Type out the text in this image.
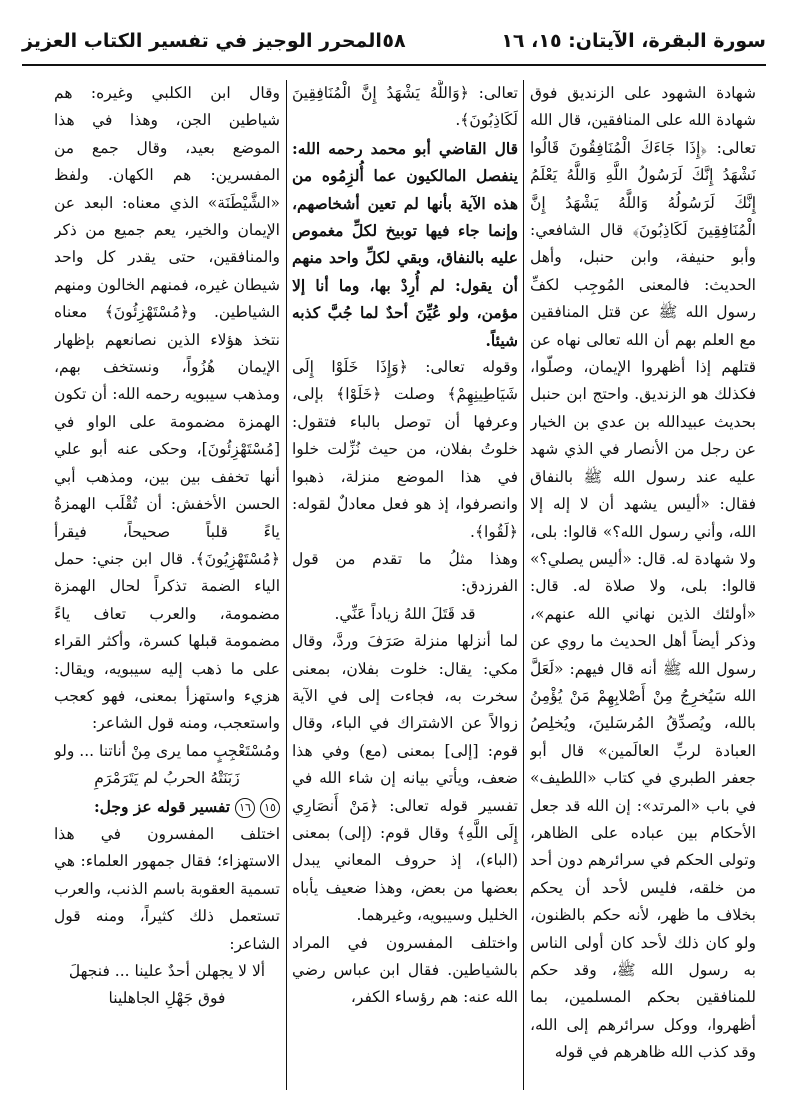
سورة البقرة، الآيتان: ١٥، ١٦
٥٨
المحرر الوجيز في تفسير الكتاب العزيز

شهادة الشهود على الزنديق فوق شهادة الله على المنافقين، قال الله تعالى: ﴿إِذَا جَاءَكَ الْمُنَافِقُونَ قَالُوا نَشْهَدُ إِنَّكَ لَرَسُولُ اللَّهِ وَاللَّهُ يَعْلَمُ إِنَّكَ لَرَسُولُهُ وَاللَّهُ يَشْهَدُ إِنَّ الْمُنَافِقِينَ لَكَاذِبُونَ﴾ قال الشافعي: وأبو حنيفة، وابن حنبل، وأهل الحديث: فالمعنى المُوجِب لكفِّ رسول الله ﷺ عن قتل المنافقين مع العلم بهم أن الله تعالى نهاه عن قتلهم إذا أظهروا الإيمان، وصلّوا، فكذلك هو الزنديق. واحتج ابن حنبل بحديث عبيدالله بن عدي بن الخيار عن رجل من الأنصار في الذي شهد عليه عند رسول الله ﷺ بالنفاق فقال: «أليس يشهد أن لا إله إلا الله، وأني رسول الله؟» قالوا: بلى، ولا شهادة له. قال: «أليس يصلي؟» قالوا: بلى، ولا صلاة له. قال: «أولئك الذين نهاني الله عنهم»، وذكر أيضاً أهل الحديث ما روي عن رسول الله ﷺ أنه قال فيهم: «لَعَلَّ الله سَيُخرِجُ مِنْ أَصْلابِهِمْ مَنْ يُؤْمِنُ بالله، ويُصدِّقُ المُرسَلينَ، ويُخلِصُ العبادة لربِّ العالَمين» قال أبو جعفر الطبري في كتاب «اللطيف» في باب «المرتد»: إن الله قد جعل الأحكام بين عباده على الظاهر، وتولى الحكم في سرائرهم دون أحد من خلقه، فليس لأحد أن يحكم بخلاف ما ظهر، لأنه حكم بالظنون، ولو كان ذلك لأحد كان أولى الناس به رسول الله ﷺ، وقد حكم للمنافقين بحكم المسلمين، بما أظهروا، ووكل سرائرهم إلى الله، وقد كذب الله ظاهرهم في قوله

تعالى: ﴿وَاللَّهُ يَشْهَدُ إِنَّ الْمُنَافِقِينَ لَكَاذِبُونَ﴾.

قال القاضي أبو محمد رحمه الله: ينفصل المالكيون عما أُلزِمُوه من هذه الآية بأنها لم تعين أشخاصهم، وإنما جاء فيها توبيخ لكلِّ مغموص عليه بالنفاق، وبقي لكلِّ واحد منهم أن يقول: لم أُرِدْ بها، وما أنا إلا مؤمن، ولو عُيِّنَ أحدٌ لما جُبَّ كذبه شيئاً.

وقوله تعالى: ﴿وَإِذَا خَلَوْا إِلَى شَيَاطِينِهِمْ﴾ وصلت ﴿خَلَوْا﴾ بإلى، وعرفها أن توصل بالباء فتقول: خلوتُ بفلان، من حيث نُزِّلت خلوا في هذا الموضع منزلة، ذهبوا وانصرفوا، إذ هو فعل معادلٌ لقوله: ﴿لَقُوا﴾.

وهذا مثلُ ما تقدم من قول الفرزدق:

قد قَتَلَ اللهُ زياداً عَنِّي.

لما أنزلها منزلة صَرَفَ وردَّ، وقال مكي: يقال: خلوت بفلان، بمعنى سخرت به، فجاءت إلى في الآية زوالاً عن الاشتراك في الباء، وقال قوم: [إلى] بمعنى (مع) وفي هذا ضعف، ويأتي بيانه إن شاء الله في تفسير قوله تعالى: ﴿مَنْ أَنصَارِي إِلَى اللَّهِ﴾ وقال قوم: (إلى) بمعنى (الباء)، إذ حروف المعاني يبدل بعضها من بعض، وهذا ضعيف يأباه الخليل وسيبويه، وغيرهما.

واختلف المفسرون في المراد بالشياطين. فقال ابن عباس رضي الله عنه: هم رؤساء الكفر،

وقال ابن الكلبي وغيره: هم شياطين الجن، وهذا في هذا الموضع بعيد، وقال جمع من المفسرين: هم الكهان. ولفظ «الشَّيْطَنَة» الذي معناه: البعد عن الإيمان والخير، يعم جميع من ذكر والمنافقين، حتى يقدر كل واحد شيطان غيره، فمنهم الخالون ومنهم الشياطين. و﴿مُسْتَهْزِئُونَ﴾ معناه نتخذ هؤلاء الذين نصانعهم بإظهار الإيمان هُزُواً، ونستخف بهم، ومذهب سيبويه رحمه الله: أن تكون الهمزة مضمومة على الواو في [مُسْتَهْزِئُونَ]، وحكى عنه أبو علي أنها تخفف بين بين، ومذهب أبي الحسن الأخفش: أن تُقْلَب الهمزةُ ياءً قلباً صحيحاً، فيقرأ ﴿مُسْتَهْزِيُونَ﴾. قال ابن جني: حمل الياء الضمة تذكراً لحال الهمزة مضمومة، والعرب تعاف ياءً مضمومة قبلها كسرة، وأكثر القراء على ما ذهب إليه سيبويه، ويقال: هزيء واستهزأ بمعنى، فهو كعجب واستعجب، ومنه قول الشاعر:

ومُسْتَعْجِبٍ مما يرى مِنْ أناتنا ... ولو زَبَنَتْهُ الحربُ لم يَتَرَمْرَمِ

١٥ ١٦ تفسير قوله عز وجل:

اختلف المفسرون في هذا الاستهزاء؛ فقال جمهور العلماء: هي تسمية العقوبة باسم الذنب، والعرب تستعمل ذلك كثيراً، ومنه قول الشاعر:

ألا لا يجهلن أحدٌ علينا ... فنجهلَ فوق جَهْلِ الجاهلينا
